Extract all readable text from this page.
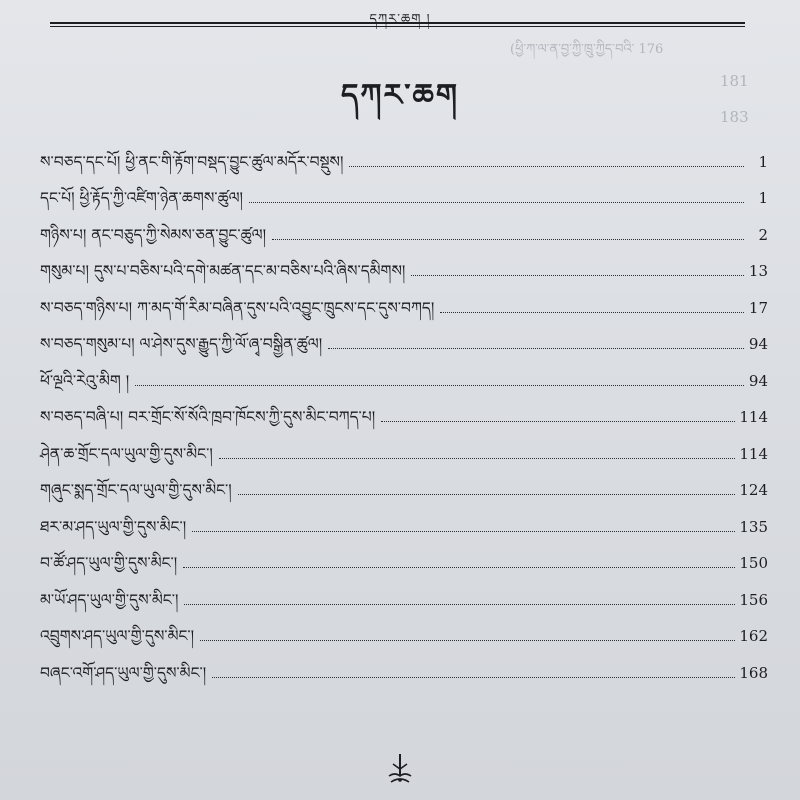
དཀར་ཆག །
(ཕྱི་ཀ་ལ་ན་བྱ་ཀྱི་ཁྲུ་ཀྱིད་བའི་ 176
181
183
དཀར་ཆག
ས་བཅད་དང་པོ། ཕྱི་ནང་གི་རྟོག་བསྡད་བྱུང་ཚུལ་མདོར་བསྡུས།	1
དང་པོ། ཕྱི་རྟོད་ཀྱི་འཛིག་ཉེན་ཆགས་ཚུལ།	1
གཉིས་པ། ནང་བཅུད་ཀྱི་སེམས་ཅན་བྱུང་ཚུལ།	2
གསུམ་པ། དུས་པ་བཅིས་པའི་དགེ་མཚན་དང་མ་བཅིས་པའི་ཞིས་དམིགས།	13
ས་བཅད་གཉིས་པ། ཀ་མད་གོ་རིམ་བཞིན་དུས་པའི་འབྱུང་ཁྲུངས་དང་དུས་བཀད།	17
ས་བཅད་གསུམ་པ། ལ་ཤེས་དུས་རྒྱུད་ཀྱི་ལོ་ཞྭ་བསྒྱིན་ཚུལ།	94
ཕོ་ལྔའི་རེའུ་མིག །	94
ས་བཅད་བཞི་པ། བར་གྲོང་སོ་སོའི་ཁྲབ་ཁོངས་ཀྱི་དུས་མིང་བཀད་པ།	114
ཤེན་ཆ་གྲོང་དལ་ཡུལ་གྱི་དུས་མིང་།	114
གཞུང་སྨད་གྲོང་དལ་ཡུལ་གྱི་དུས་མིང་།	124
ཐར་མ་ཤད་ཡུལ་གྱི་དུས་མིང་།	135
བ་ཚོ་ཤད་ཡུལ་གྱི་དུས་མིང་།	150
མ་ཡོ་ཤད་ཡུལ་གྱི་དུས་མིང་།	156
འབྲུགས་ཤད་ཡུལ་གྱི་དུས་མིང་།	162
བཞང་འགོ་ཤད་ཡུལ་གྱི་དུས་མིང་།	168
